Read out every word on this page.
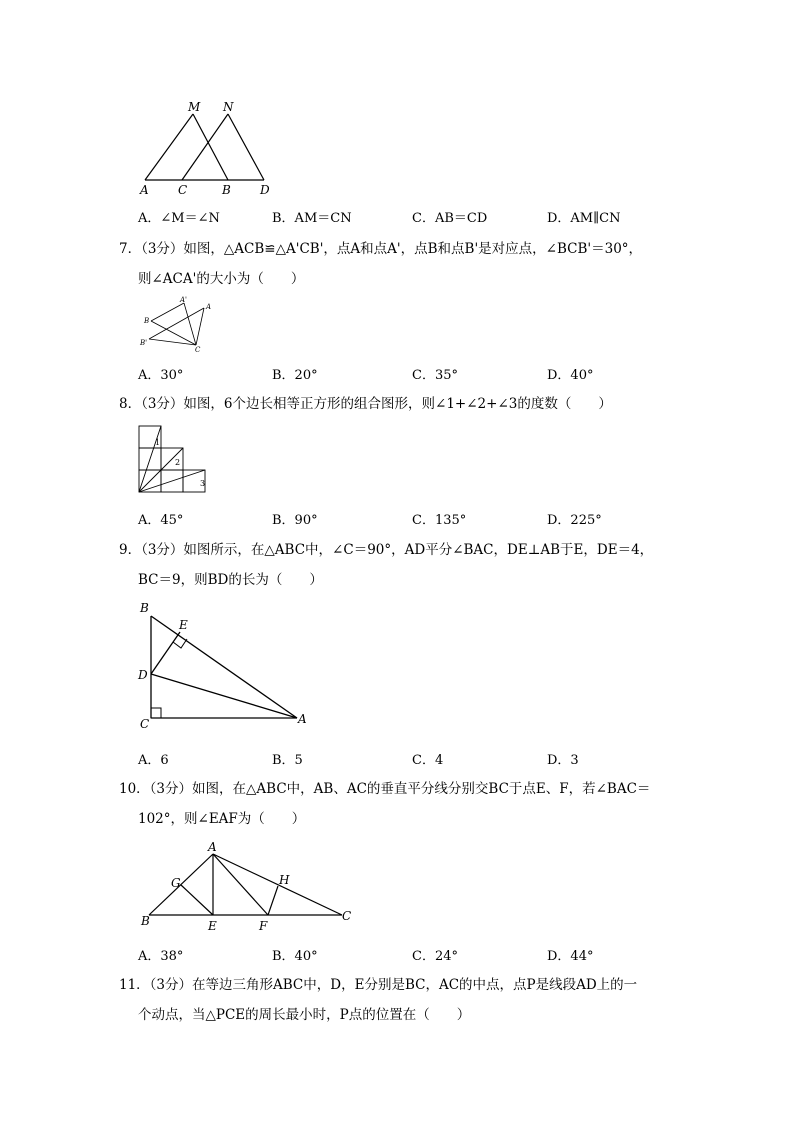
M N
A C	B D
A．∠M＝∠N	B．AM＝CN	C．AB＝CD	D．AM∥CN
7．（3分）如图，△ACB≌△A'CB'，点A和点A'，点B和点B'是对应点，∠BCB'＝30°，
则∠ACA'的大小为（　　）
A'
A
B
B'
C
A．30°	B．20°	C．35°	D．40°
8．（3分）如图，6个边长相等正方形的组合图形，则∠1+∠2+∠3的度数（　　）
1
2
3
A．45°	B．90°	C．135°	D．225°
9．（3分）如图所示，在△ABC中，∠C＝90°，AD平分∠BAC，DE⊥AB于E，DE＝4，
BC＝9，则BD的长为（　　）
B
E
D
C	A
A．6	B．5	C．4	D．3
10．（3分）如图，在△ABC中，AB、AC的垂直平分线分别交BC于点E、F，若∠BAC＝
102°，则∠EAF为（　　）
A
G	H
B	E	F
C
A．38°	B．40°	C．24°	D．44°
11．（3分）在等边三角形ABC中，D，E分别是BC，AC的中点，点P是线段AD上的一
个动点，当△PCE的周长最小时，P点的位置在（　　）
